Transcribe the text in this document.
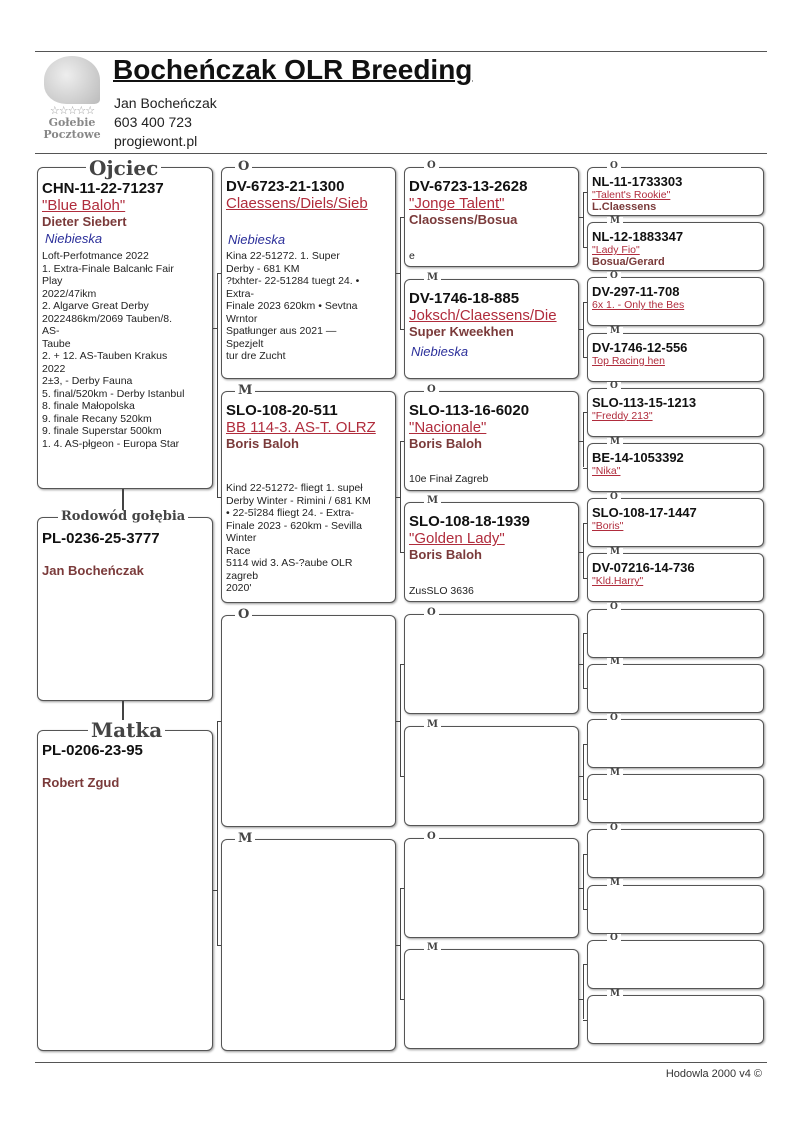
☆☆☆☆☆
Gołebie
Pocztowe
Bocheńczak OLR Breeding
Jan Bocheńczak
603 400 723
progiewont.pl
CHN-11-22-71237
"Blue Baloh"
Dieter Siebert
Niebieska
Loft-Perfotmance 2022
1. Extra-Finale Balcanłc Fair
Play
2022/47ikm
2. Algarve Great Derby
2022486km/2069 Tauben/8.
AS-
Taube
2. + 12. AS-Tauben Krakus
2022
2±3, - Derby Fauna
5. final/520km - Derby Istanbul
8. finale Małopolska
9. finale Recany 520km
9. finale Superstar 500km
1. 4. AS-płgeon - Europa Star
Ojciec
PL-0236-25-3777
Jan Bocheńczak
Rodowód gołębia
PL-0206-23-95
Robert Zgud
Matka
Hodowla 2000 v4 ©
DV-6723-21-1300
Claessens/Diels/Sieb
Niebieska
Kina 22-51272. 1. Super
Derby - 681 KM
?txhter- 22-51284 tuegt 24. •
Extra-
Finale 2023 620km • Sevtna
Wrntor
Spatłunger aus 2021 —
Spezjelt
tur dre Zucht
O
SLO-108-20-511
BB 114-3. AS-T. OLRZ
Boris Baloh
Kind 22-51272- fliegt 1. supeł
Derby Winter - Rimini / 681 KM
• 22-5î284 fliegt 24. - Extra-
Finale 2023 - 620km - Sevilla
Winter
Race
5114 wid 3. AS-?aube OLR
zagreb
2020'
M
O
M
DV-6723-13-2628
"Jonge Talent"
Claossens/Bosua
e
O
DV-1746-18-885
Joksch/Claessens/Die
Super Kweekhen
Niebieska
M
SLO-113-16-6020
"Nacionale"
Boris Baloh
10e Finał Zagreb
O
SLO-108-18-1939
"Golden Lady"
Boris Baloh
ZusSLO 3636
M
O
M
O
M
NL-11-1733303
"Talent's Rookie"
L.Claessens
O
NL-12-1883347
"Lady Fio"
Bosua/Gerard
M
DV-297-11-708
6x 1. - Only the Bes
O
DV-1746-12-556
Top Racing hen
M
SLO-113-15-1213
"Freddy 213"
O
BE-14-1053392
"Nika"
M
SLO-108-17-1447
"Boris"
O
DV-07216-14-736
"Kld.Harry"
M
O
M
O
M
O
M
O
M
